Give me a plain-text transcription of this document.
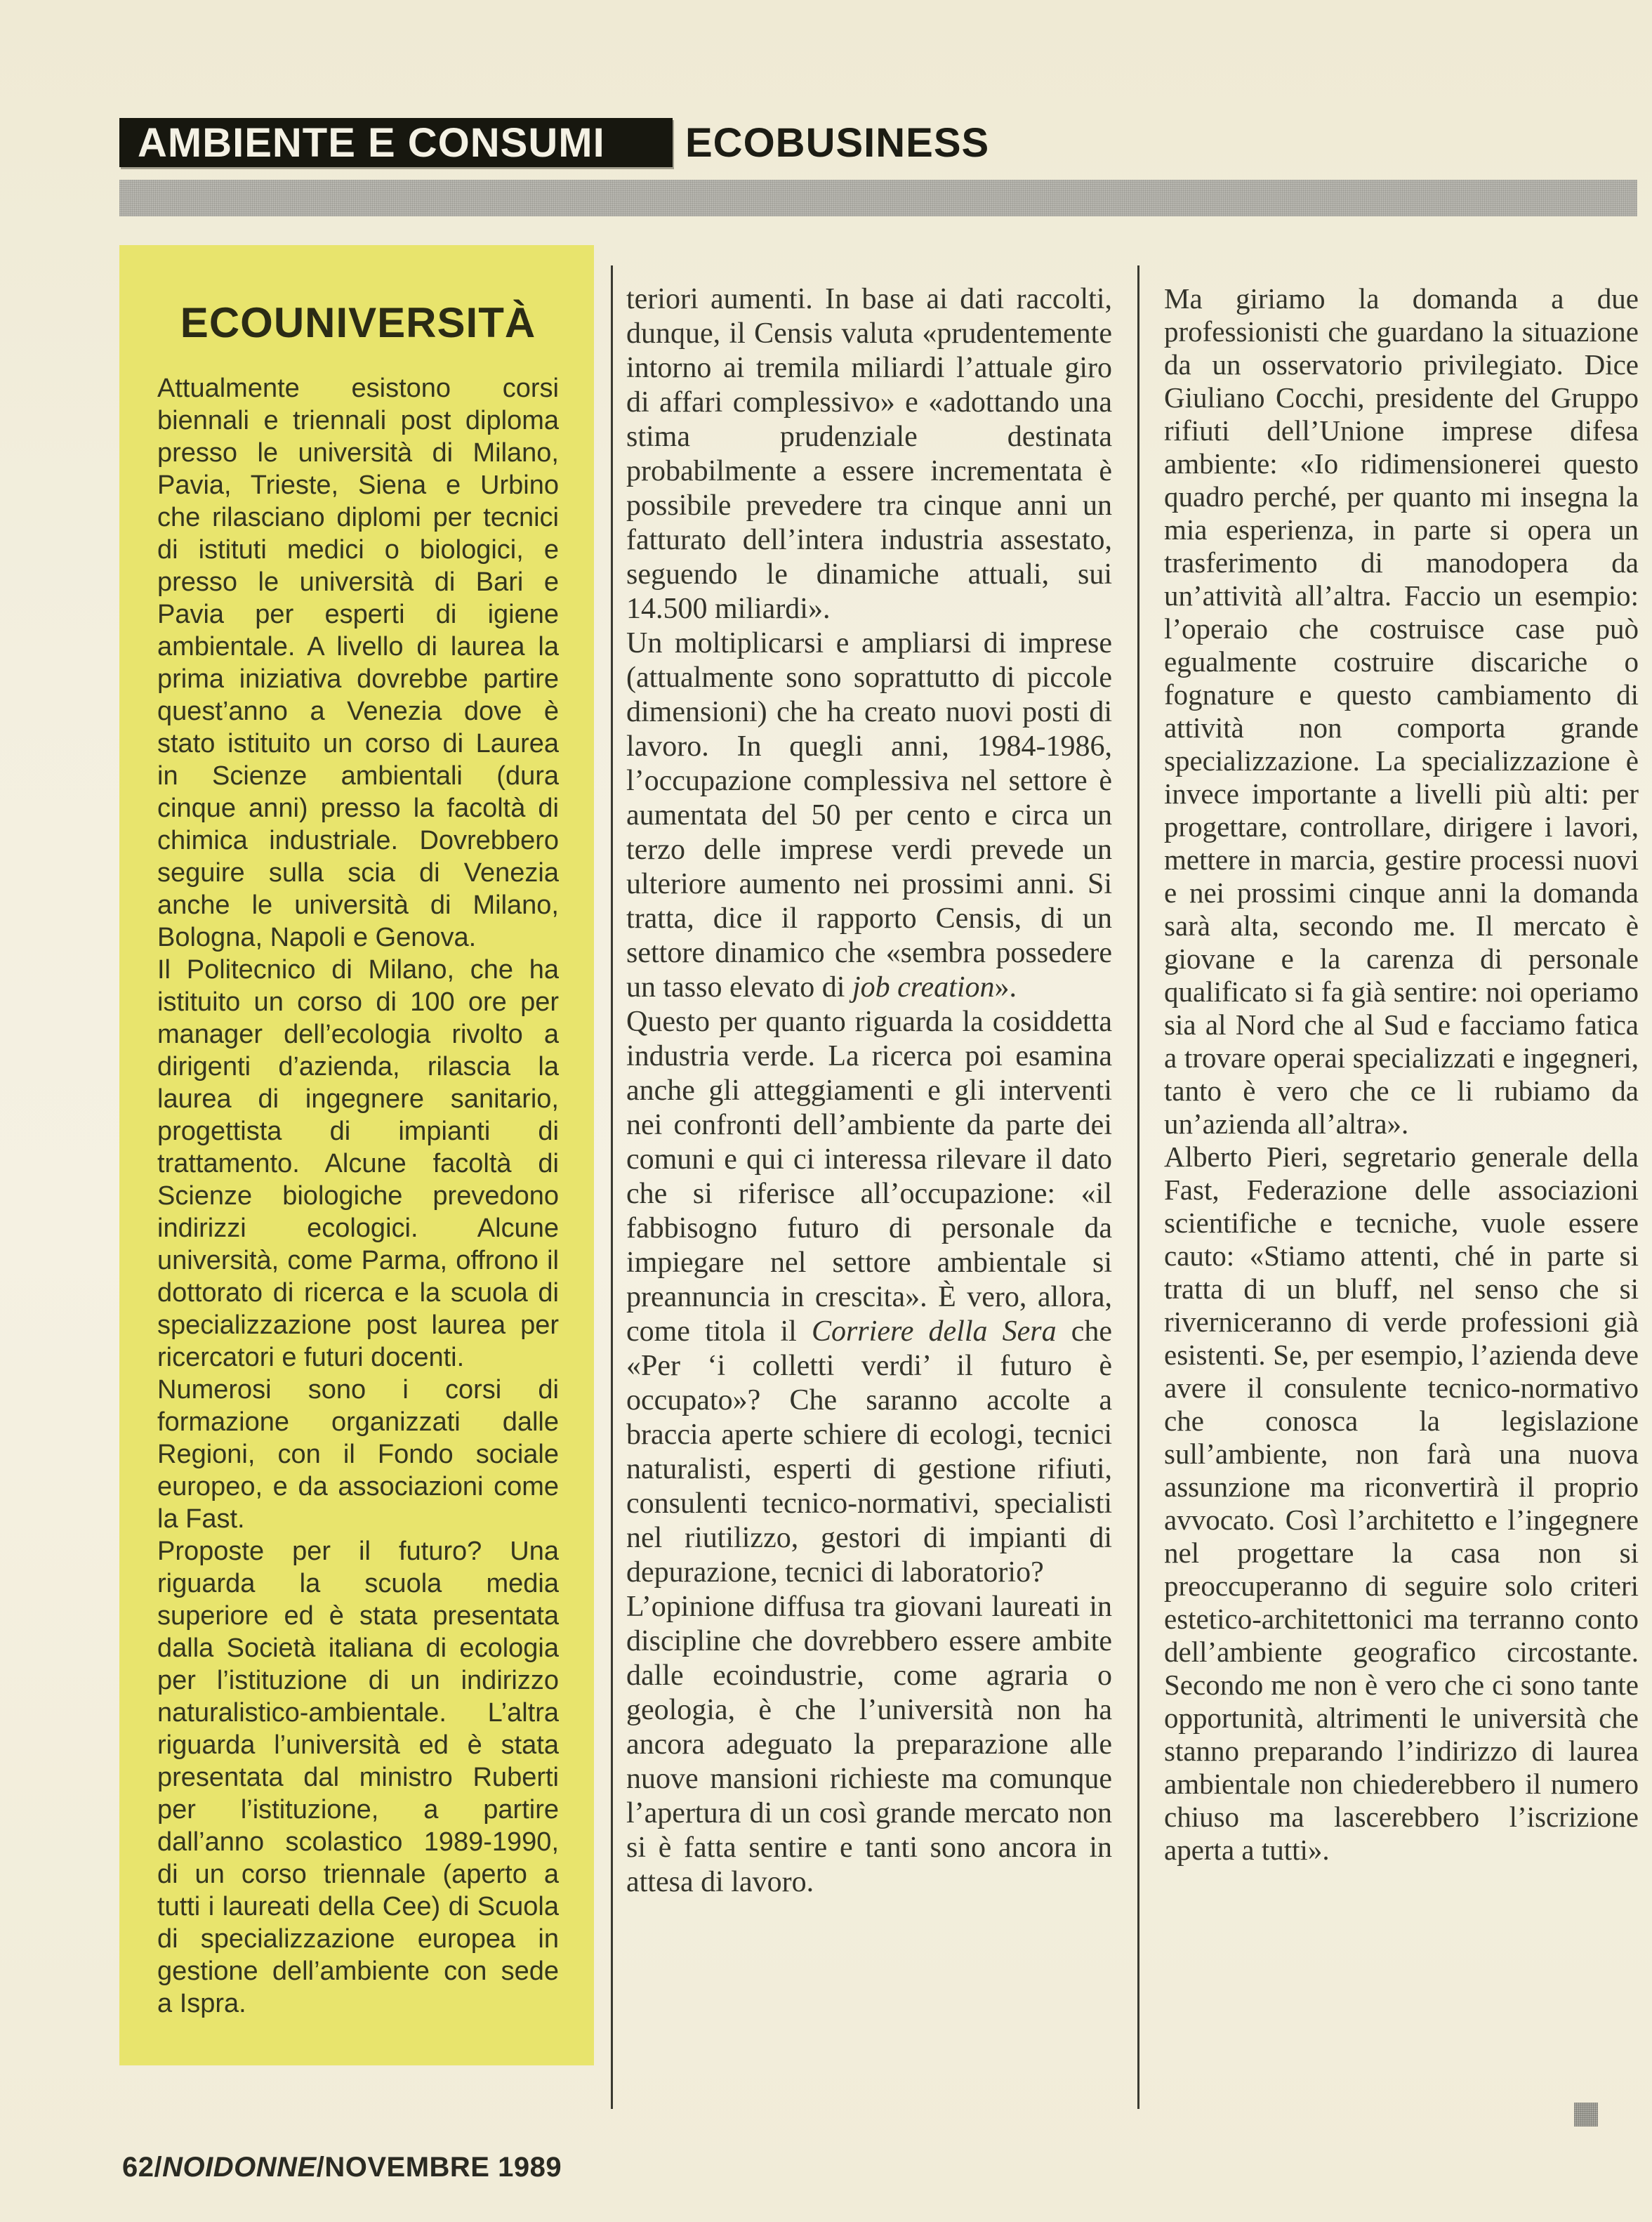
AMBIENTE E CONSUMI ECOBUSINESS
ECOUNIVERSITÀ

Attualmente esistono corsi biennali e triennali post diploma presso le università di Milano, Pavia, Trieste, Siena e Urbino che rilasciano diplomi per tecnici di istituti medici o biologici, e presso le università di Bari e Pavia per esperti di igiene ambientale. A livello di laurea la prima iniziativa dovrebbe partire quest’anno a Venezia dove è stato istituito un corso di Laurea in Scienze ambientali (dura cinque anni) presso la facoltà di chimica industriale. Dovrebbero seguire sulla scia di Venezia anche le università di Milano, Bologna, Napoli e Genova.

Il Politecnico di Milano, che ha istituito un corso di 100 ore per manager dell’ecologia rivolto a dirigenti d’azienda, rilascia la laurea di ingegnere sanitario, progettista di impianti di trattamento. Alcune facoltà di Scienze biologiche prevedono indirizzi ecologici. Alcune università, come Parma, offrono il dottorato di ricerca e la scuola di specializzazione post laurea per ricercatori e futuri docenti.

Numerosi sono i corsi di formazione organizzati dalle Regioni, con il Fondo sociale europeo, e da associazioni come la Fast.

Proposte per il futuro? Una riguarda la scuola media superiore ed è stata presentata dalla Società italiana di ecologia per l’istituzione di un indirizzo naturalistico-ambientale. L’altra riguarda l’università ed è stata presentata dal ministro Ruberti per l’istituzione, a partire dall’anno scolastico 1989-1990, di un corso triennale (aperto a tutti i laureati della Cee) di Scuola di specializzazione europea in gestione dell’ambiente con sede a Ispra.

teriori aumenti. In base ai dati raccolti, dunque, il Censis valuta «prudentemente intorno ai tremila miliardi l’attuale giro di affari complessivo» e «adottando una stima prudenziale destinata probabilmente a essere incrementata è possibile prevedere tra cinque anni un fatturato dell’intera industria assestato, seguendo le dinamiche attuali, sui 14.500 miliardi».

Un moltiplicarsi e ampliarsi di imprese (attualmente sono soprattutto di piccole dimensioni) che ha creato nuovi posti di lavoro. In quegli anni, 1984-1986, l’occupazione complessiva nel settore è aumentata del 50 per cento e circa un terzo delle imprese verdi prevede un ulteriore aumento nei prossimi anni. Si tratta, dice il rapporto Censis, di un settore dinamico che «sembra possedere un tasso elevato di job creation».

Questo per quanto riguarda la cosiddetta industria verde. La ricerca poi esamina anche gli atteggiamenti e gli interventi nei confronti dell’ambiente da parte dei comuni e qui ci interessa rilevare il dato che si riferisce all’occupazione: «il fabbisogno futuro di personale da impiegare nel settore ambientale si preannuncia in crescita». È vero, allora, come titola il Corriere della Sera che «Per ‘i colletti verdi’ il futuro è occupato»? Che saranno accolte a braccia aperte schiere di ecologi, tecnici naturalisti, esperti di gestione rifiuti, consulenti tecnico-normativi, specialisti nel riutilizzo, gestori di impianti di depurazione, tecnici di laboratorio?

L’opinione diffusa tra giovani laureati in discipline che dovrebbero essere ambite dalle ecoindustrie, come agraria o geologia, è che l’università non ha ancora adeguato la preparazione alle nuove mansioni richieste ma comunque l’apertura di un così grande mercato non si è fatta sentire e tanti sono ancora in attesa di lavoro.

Ma giriamo la domanda a due professionisti che guardano la situazione da un osservatorio privilegiato. Dice Giuliano Cocchi, presidente del Gruppo rifiuti dell’Unione imprese difesa ambiente: «Io ridimensionerei questo quadro perché, per quanto mi insegna la mia esperienza, in parte si opera un trasferimento di manodopera da un’attività all’altra. Faccio un esempio: l’operaio che costruisce case può egualmente costruire discariche o fognature e questo cambiamento di attività non comporta grande specializzazione. La specializzazione è invece importante a livelli più alti: per progettare, controllare, dirigere i lavori, mettere in marcia, gestire processi nuovi e nei prossimi cinque anni la domanda sarà alta, secondo me. Il mercato è giovane e la carenza di personale qualificato si fa già sentire: noi operiamo sia al Nord che al Sud e facciamo fatica a trovare operai specializzati e ingegneri, tanto è vero che ce li rubiamo da un’azienda all’altra».

Alberto Pieri, segretario generale della Fast, Federazione delle associazioni scientifiche e tecniche, vuole essere cauto: «Stiamo attenti, ché in parte si tratta di un bluff, nel senso che si riverniceranno di verde professioni già esistenti. Se, per esempio, l’azienda deve avere il consulente tecnico-normativo che conosca la legislazione sull’ambiente, non farà una nuova assunzione ma riconvertirà il proprio avvocato. Così l’architetto e l’ingegnere nel progettare la casa non si preoccuperanno di seguire solo criteri estetico-architettonici ma terranno conto dell’ambiente geografico circostante. Secondo me non è vero che ci sono tante opportunità, altrimenti le università che stanno preparando l’indirizzo di laurea ambientale non chiederebbero il numero chiuso ma lascerebbero l’iscrizione aperta a tutti».

62/NOIDONNE/NOVEMBRE 1989
